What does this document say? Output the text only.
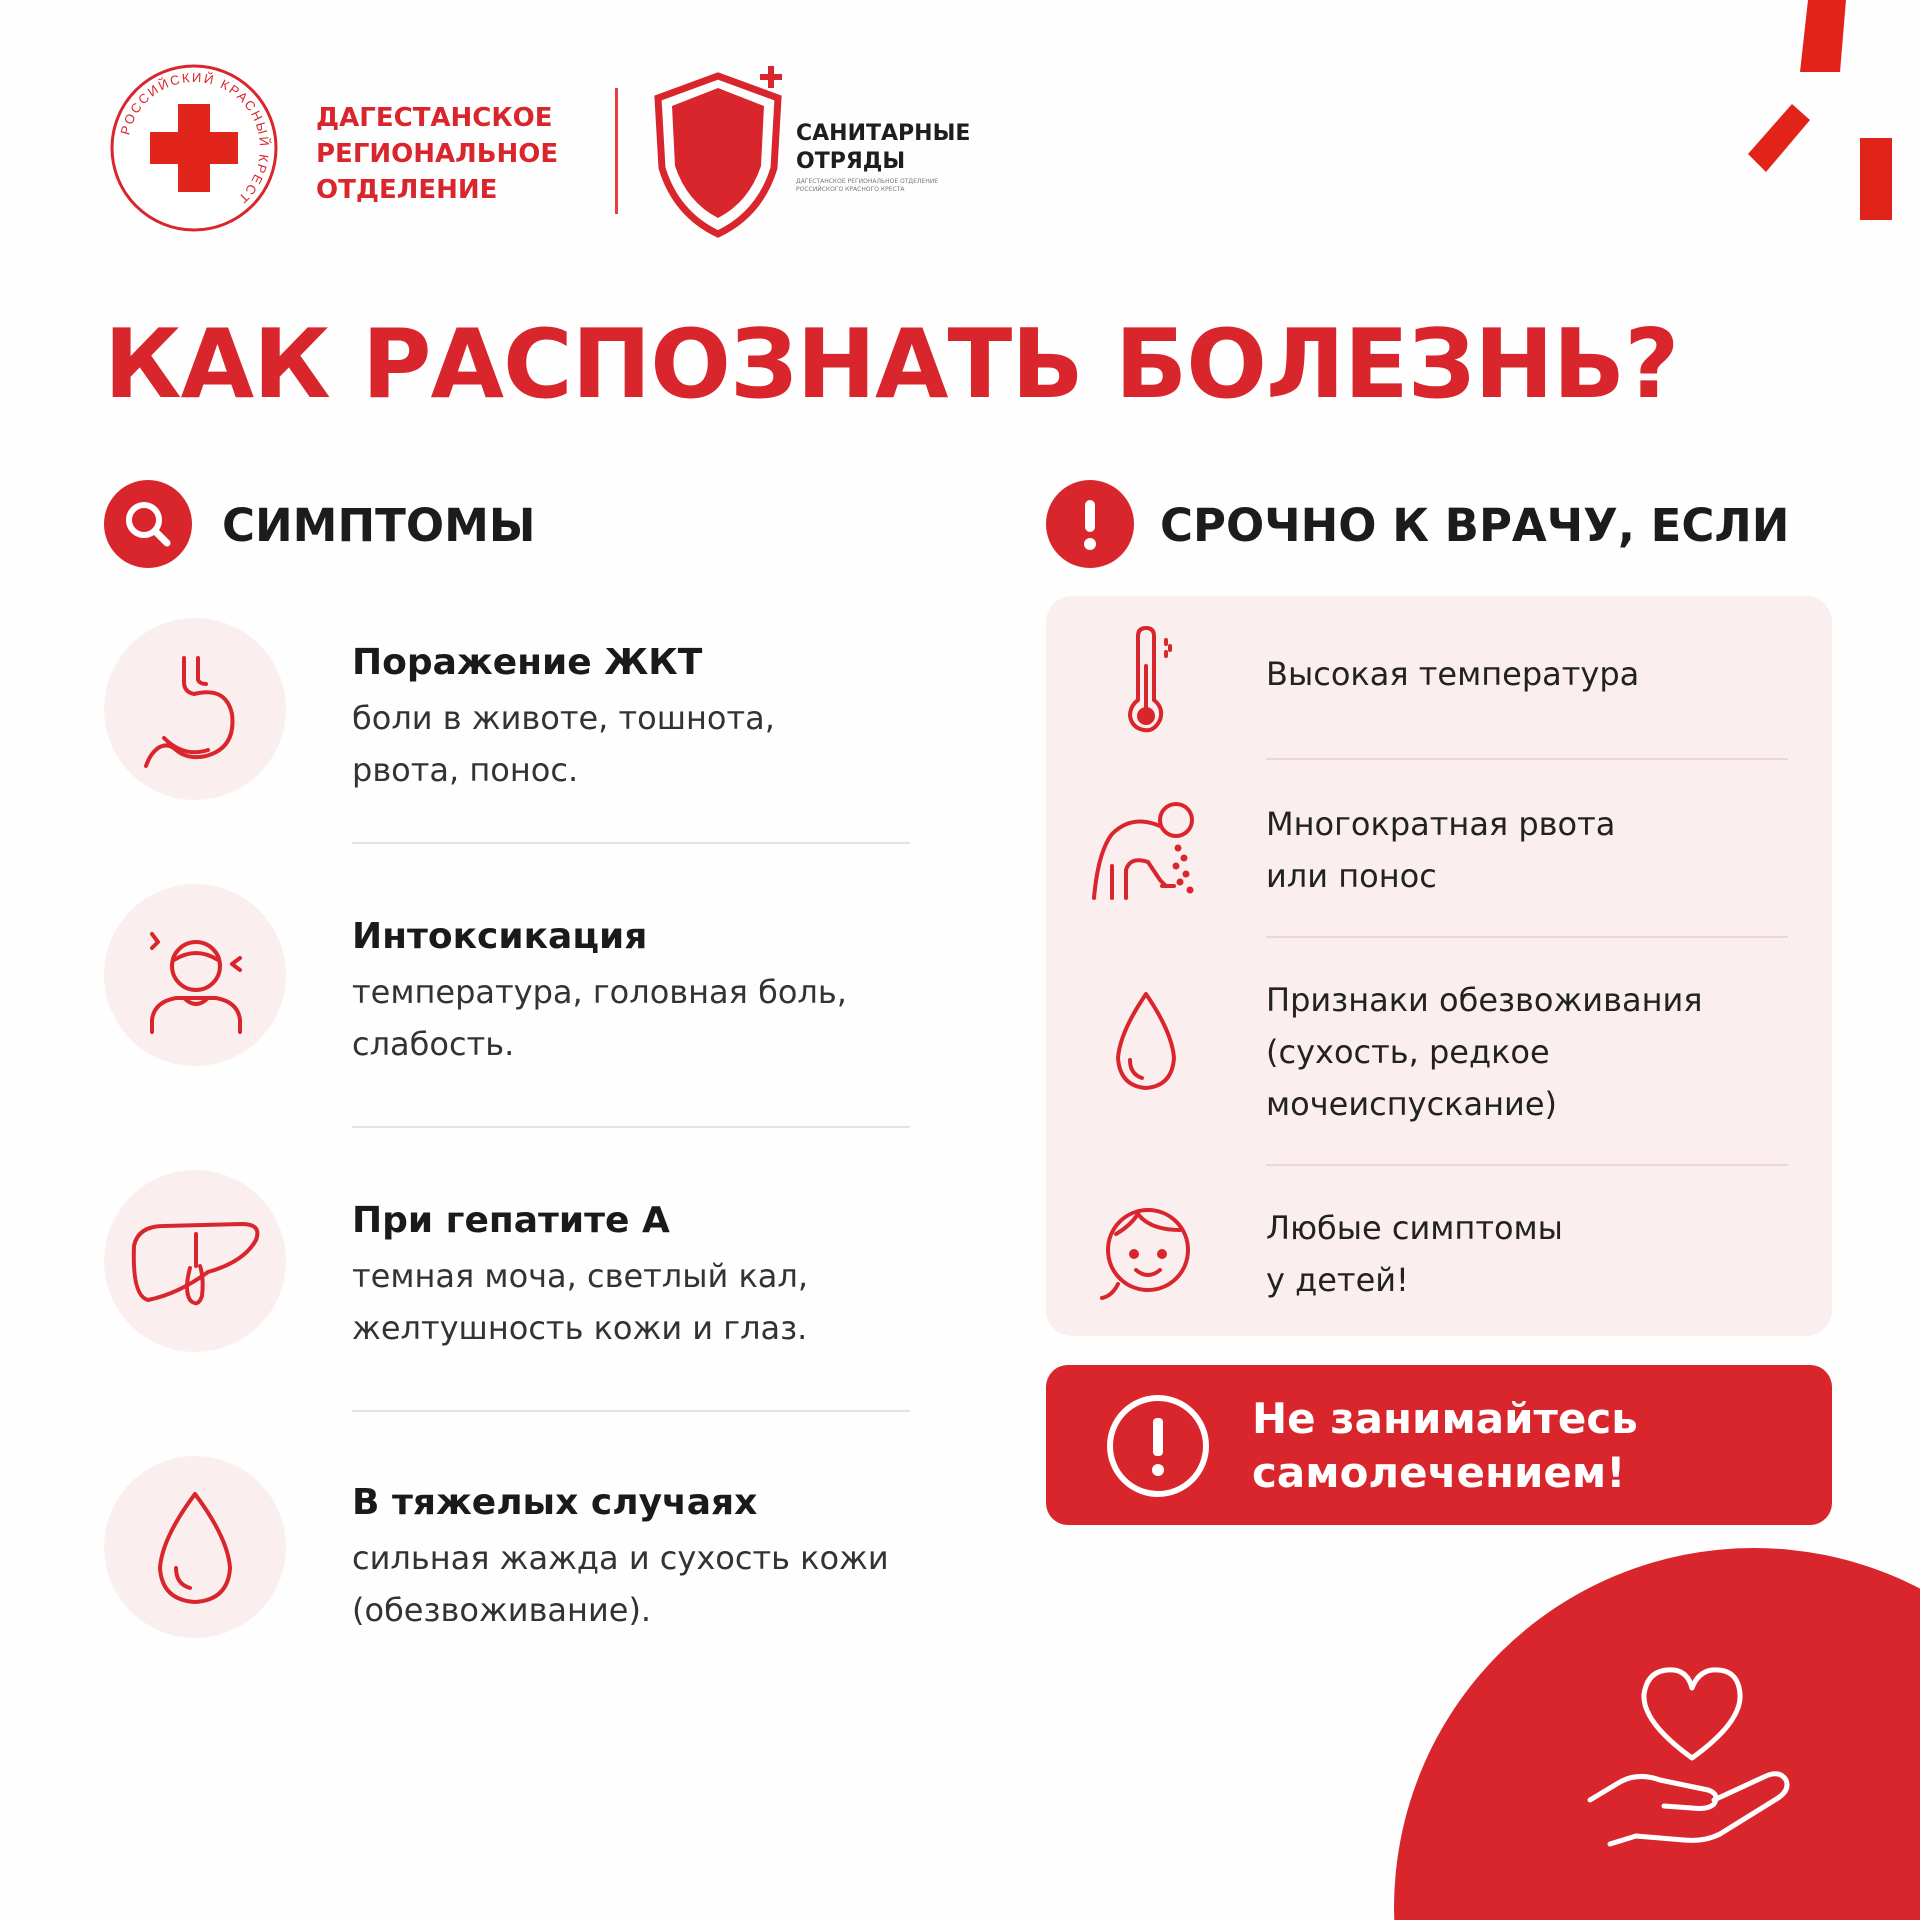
РОССИЙСКИЙ КРАСНЫЙ КРЕСТ
ДАГЕСТАНСКОЕ
РЕГИОНАЛЬНОЕ
ОТДЕЛЕНИЕ
САНИТАРНЫЕ
ОТРЯДЫ
ДАГЕСТАНСКОЕ РЕГИОНАЛЬНОЕ ОТДЕЛЕНИЕ
РОССИЙСКОГО КРАСНОГО КРЕСТА
КАК РАСПОЗНАТЬ БОЛЕЗНЬ?
СИМПТОМЫ
Поражение ЖКТ
боли в животе, тошнота,
рвота, понос.
Интоксикация
температура, головная боль,
слабость.
При гепатите А
темная моча, светлый кал,
желтушность кожи и глаз.
В тяжелых случаях
сильная жажда и сухость кожи
(обезвоживание).
СРОЧНО К ВРАЧУ, ЕСЛИ
Высокая температура
Многократная рвота
или понос
Признаки обезвоживания
(сухость, редкое
мочеиспускание)
Любые симптомы
у детей!
Не занимайтесь
самолечением!
